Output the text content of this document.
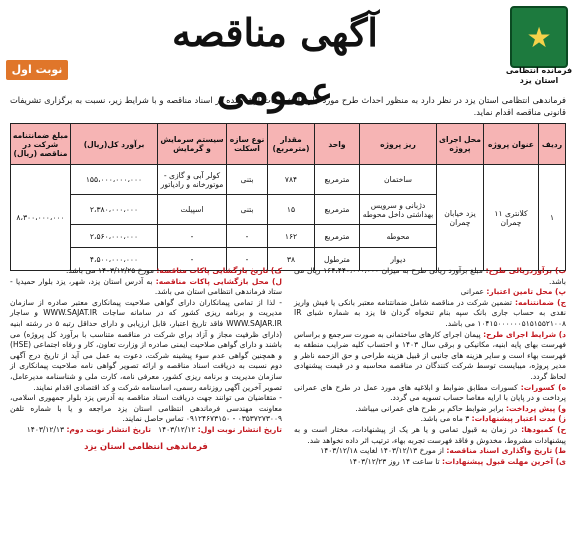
★
فرمانده انتظامی
استان یزد
آگهی مناقصه عمومی
نوبت اول
فرماندهی انتظامی استان یزد در نظر دارد به منظور احداث طرح مورد نیاز، بامشخصات ارائه شده در اسناد مناقصه و با شرایط زیر، نسبت به برگزاری تشریفات قانونی مناقصه اقدام نماید.
ردیف	عنوان پروژه	محل اجرای پروژه	ریز پروژه	واحد	مقدار (مترمربع)	نوع سازه اسکلت	سیستم سرمایش و گرمایش	برآورد کل(ریال)	مبلغ ضمانتنامه شرکت در مناقصه (ریال)
۱	کلانتری ۱۱ چمران	یزد خیابان چمران	ساختمان	مترمربع	۷۸۴	بتنی	کولر آبی و گازی - موتورخانه و رادیاتور	۱۵۵،۰۰۰،۰۰۰،۰۰۰	۸،۳۰۰،۰۰۰،۰۰۰
			دژبانی و سرویس بهداشتی داخل محوطه	مترمربع	۱۵	بتنی	اسپیلت	۲،۳۸۰،۰۰۰،۰۰۰	
			محوطه	مترمربع	۱۶۲	-	-	۲،۵۶۰،۰۰۰،۰۰۰	
			دیوار	مترطول	۳۸	-	-	۴،۵۰۰،۰۰۰،۰۰۰	
ب) برآوردریالی طرح: مبلغ برآورد ریالی طرح به میزان ۱۶۴،۴۴۰،۰۰۰،۰۰۰ ریال می باشد.
پ) محل تامین اعتبار: عمرانی
ج) ضمانتنامه: تضمین شرکت در مناقصه شامل ضمانتنامه معتبر بانکی یا فیش واریز نقدی به حساب جاری بانک سپه بنام تنخواه گردان فا یزد به شماره شبای IR ۱۰۴۱۵۰۰۰۰۰۰۵۱۵۱۵۵۲۱۰۰۸ می باشد.
د) شرایط اجرای طرح: پیمان اجرای کارهای ساختمانی به صورت سرجمع و براساس فهرست بهای پایه ابنیه، مکانیکی و برقی سال ۱۴۰۳ و احتساب کلیه ضرایب منطقه به فهرست بهاء است و سایر هزینه های جانبی از قبیل هزینه طراحی و حق الزحمه ناظر و مدیر پروژه، میبایست توسط شرکت کنندگان در مناقصه محاسبه و در قیمت پیشنهادی لحاظ گردد.
ه) کسورات: کسورات مطابق ضوابط و ابلاغیه های مورد عمل در طرح های عمرانی پرداخت و در پایان با ارایه مفاصا حساب تسویه می گردد.
و) پیش پرداخت: برابر ضوابط حاکم بر طرح های عمرانی میباشد.
ز) مدت اعتبار پیشنهادات: ۳ ماه می باشد.
ح) کمبودها: در زمان به قبول تمامی و یا هر یک از پیشنهادات، مختار است و به پیشنهادات مشروط، مخدوش و فاقد فهرست تجربه بهاء، ترتیب اثر داده نخواهد شد.
ط) تاریخ واگذاری اسناد مناقصه: از مورخ ۱۴۰۳/۱۲/۱۳ لغایت ۱۴۰۳/۱۲/۱۸
ی) آخرین مهلت قبول پیشنهادات: تا ساعت ۱۴ روز ۱۴۰۳/۱۲/۲۳
ک) تاریخ بازگشایی پاکات مناقصه: مورخ ۱۴۰۳/۱۲/۲۵ می باشد.
ل) محل بازگشایی پاکات مناقصه: به آدرس استان یزد، شهر، یزد بلوار حمیدیا - ستاد فرماندهی انتظامی استان می باشد.
- لذا از تمامی پیمانکاران دارای گواهی صلاحیت پیمانکاری معتبر صادره از سازمان مدیریت و برنامه ریزی کشور که در سامانه ساجات WWW.SAJAT.IR و ساجار WWW.SAJAR.IR فاقد تاریخ اعتبار، قابل ارزیابی و دارای حداقل رتبه ۵ در رشته ابنیه (دارای ظرفیت مجاز و آزاد برای شرکت در مناقصه متناسب با برآورد کل پروژه) می باشند و دارای گواهی صلاحیت ایمنی صادره از وزارت تعاون، کار و رفاه اجتماعی (HSE) و همچنین گواهی عدم سوء پیشینه شرکت، دعوت به عمل می آید از تاریخ درج آگهی دوم نسبت به دریافت اسناد مناقصه و ارائه تصویر گواهی نامه صلاحیت پیمانکاری از سازمان مدیریت و برنامه ریزی کشور، معرفی نامه، کارت ملی و شناسنامه مدیرعامل، تصویر آخرین آگهی روزنامه رسمی، اساسنامه شرکت و کد اقتصادی اقدام نمایند.
- متقاضیان می توانند جهت دریافت اسناد مناقصه به آدرس یزد بلوار جمهوری اسلامی، معاونت مهندسی فرماندهی انتظامی استان یزد مراجعه و یا با شماره تلفن ۰۳۵۳۷۲۷۳۰۰۹ - ۰۹۱۲۴۶۷۳۱۵۰ تماس حاصل نمایند.
تاریخ انتشار نوبت اول: ۱۴۰۳/۱۲/۱۲   تاریخ انتشار نوبت دوم: ۱۴۰۳/۱۲/۱۳
فرماندهی انتظامی استان یزد
